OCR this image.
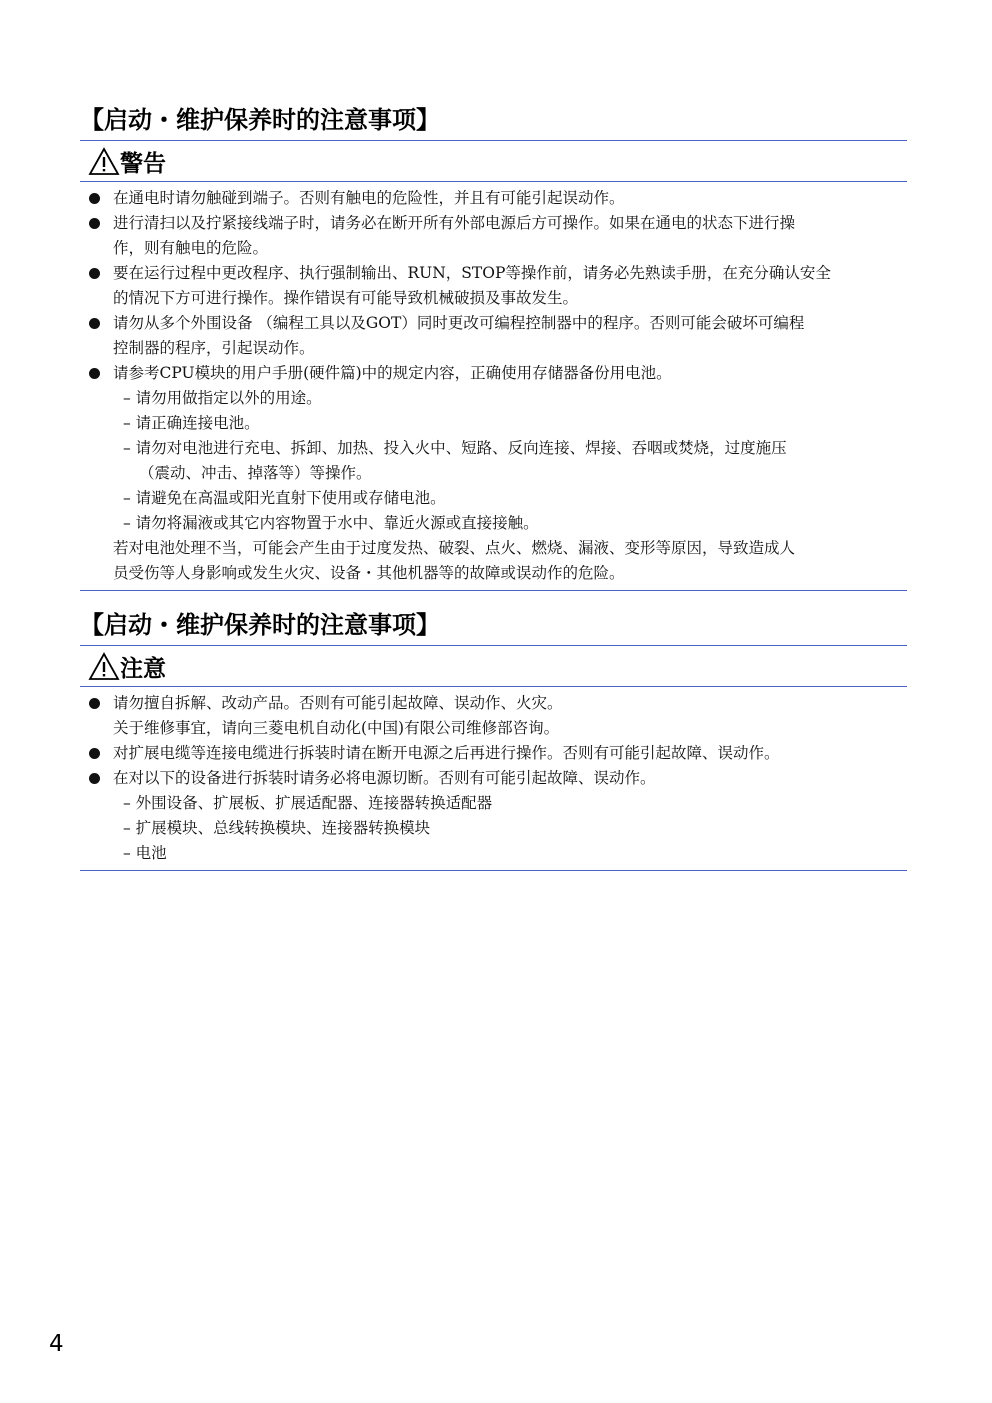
【启动・维护保养时的注意事项】
警告
在通电时请勿触碰到端子。否则有触电的危险性，并且有可能引起误动作。
进行清扫以及拧紧接线端子时，请务必在断开所有外部电源后方可操作。如果在通电的状态下进行操
作，则有触电的危险。
要在运行过程中更改程序、执行强制输出、RUN，STOP等操作前，请务必先熟读手册，在充分确认安全
的情况下方可进行操作。操作错误有可能导致机械破损及事故发生。
请勿从多个外围设备 （编程工具以及GOT）同时更改可编程控制器中的程序。否则可能会破坏可编程
控制器的程序，引起误动作。
请参考CPU模块的用户手册(硬件篇)中的规定内容，正确使用存储器备份用电池。
– 请勿用做指定以外的用途。
– 请正确连接电池。
– 请勿对电池进行充电、拆卸、加热、投入火中、短路、反向连接、焊接、吞咽或焚烧，过度施压
（震动、冲击、掉落等）等操作。
– 请避免在高温或阳光直射下使用或存储电池。
– 请勿将漏液或其它内容物置于水中、靠近火源或直接接触。
若对电池处理不当，可能会产生由于过度发热、破裂、点火、燃烧、漏液、变形等原因，导致造成人
员受伤等人身影响或发生火灾、设备・其他机器等的故障或误动作的危险。
【启动・维护保养时的注意事项】
注意
请勿擅自拆解、改动产品。否则有可能引起故障、误动作、火灾。
关于维修事宜，请向三菱电机自动化(中国)有限公司维修部咨询。
对扩展电缆等连接电缆进行拆装时请在断开电源之后再进行操作。否则有可能引起故障、误动作。
在对以下的设备进行拆装时请务必将电源切断。否则有可能引起故障、误动作。
– 外围设备、扩展板、扩展适配器、连接器转换适配器
– 扩展模块、总线转换模块、连接器转换模块
– 电池
4
